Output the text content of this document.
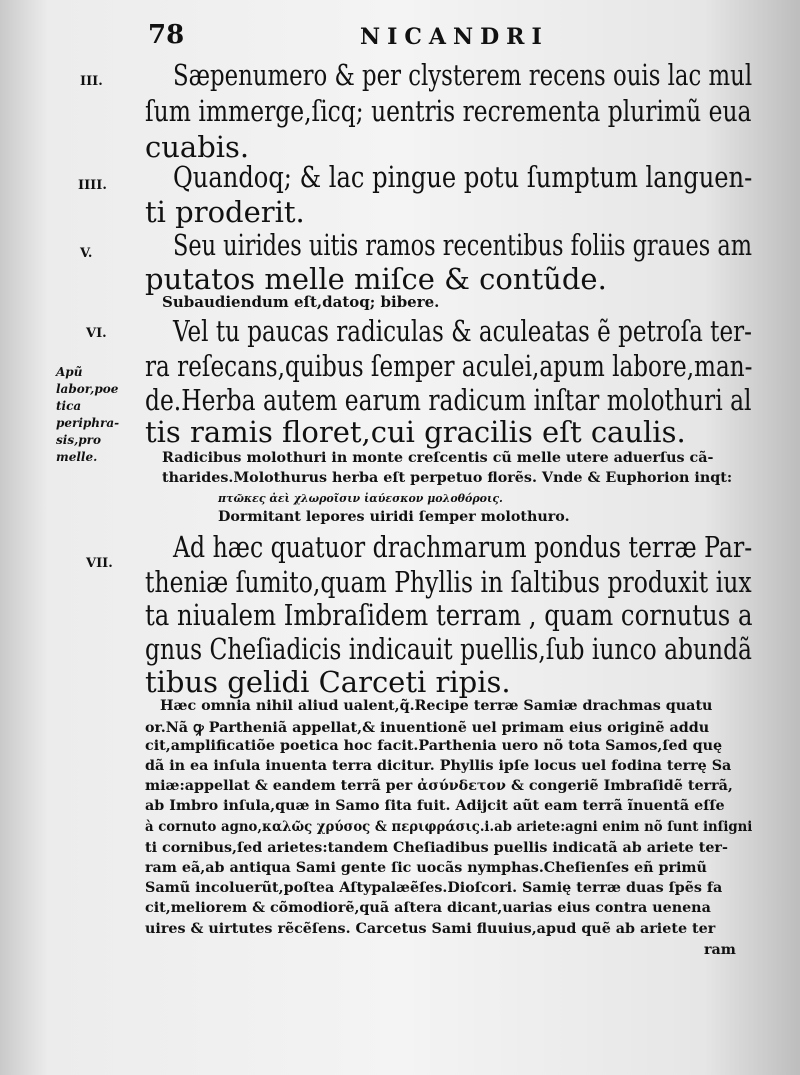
78	NICANDRI
III.
IIII.
V.
VI.
VII.
Apũ labor,poe
tica periphra-
sis,pro melle.
Sæpenumero & per clysterem recens ouis lac mul
ſum immerge,ſicq; uentris recrementa plurimũ eua
cuabis.
Quandoq; & lac pingue potu ſumptum languen-
ti proderit.
Seu uirides uitis ramos recentibus foliis graues am
putatos melle miſce & contũde.
Subaudiendum eſt,datoq; bibere.
Vel tu paucas radiculas & aculeatas ẽ petroſa ter-
ra reſecans,quibus ſemper aculei,apum labore,man-
de.Herba autem earum radicum inſtar molothuri al
tis ramis floret,cui gracilis eſt caulis.
Radicibus molothuri in monte creſcentis cũ melle utere aduerſus cã-
tharides.Molothurus herba eſt perpetuo florẽs. Vnde & Euphorion inqt:
πτῶκες ἀεὶ χλωροῖσιν ἰαύεσκον μολοθόροις.
Dormitant lepores uiridi ſemper molothuro.
Ad hæc quatuor drachmarum pondus terræ Par-
theniæ ſumito,quam Phyllis in ſaltibus produxit iux
ta niualem Imbraſidem terram , quam cornutus a
gnus Cheſiadicis indicauit puellis,ſub iunco abundã
tibus gelidi Carceti ripis.
Hæc omnia nihil aliud ualent,q̃.Recipe terræ Samiæ drachmas quatu
or.Nã ꝙ Partheniã appellat,& inuentionẽ uel primam eius originẽ addu
cit,amplificatiõe poetica hoc facit.Parthenia uero nõ tota Samos,ſed quę
dã in ea inſula inuenta terra dicitur. Phyllis ipſe locus uel fodina terrę Sa
miæ:appellat & eandem terrã per ἀσύνδετον & congeriẽ Imbraſidẽ terrã,
ab Imbro inſula,quæ in Samo ſita fuit. Adijcit aũt eam terrã ĩnuentã eſſe
à cornuto agno,καλῶς χρύσος & περιφράσις.i.ab ariete:agni enim nõ ſunt inſigni
ti cornibus,ſed arietes:tandem Cheſiadibus puellis indicatã ab ariete ter-
ram eã,ab antiqua Sami gente ſic uocãs nymphas.Cheſienſes eñ primũ
Samũ incoluerũt,poſtea Aſtypalæẽſes.Dioſcori. Samię terræ duas ſpẽs fa
cit,meliorem & cõmodiorẽ,quã aſtera dicant,uarias eius contra uenena
uires & uirtutes rẽcẽſens. Carcetus Sami fluuius,apud quẽ ab ariete ter
ram
